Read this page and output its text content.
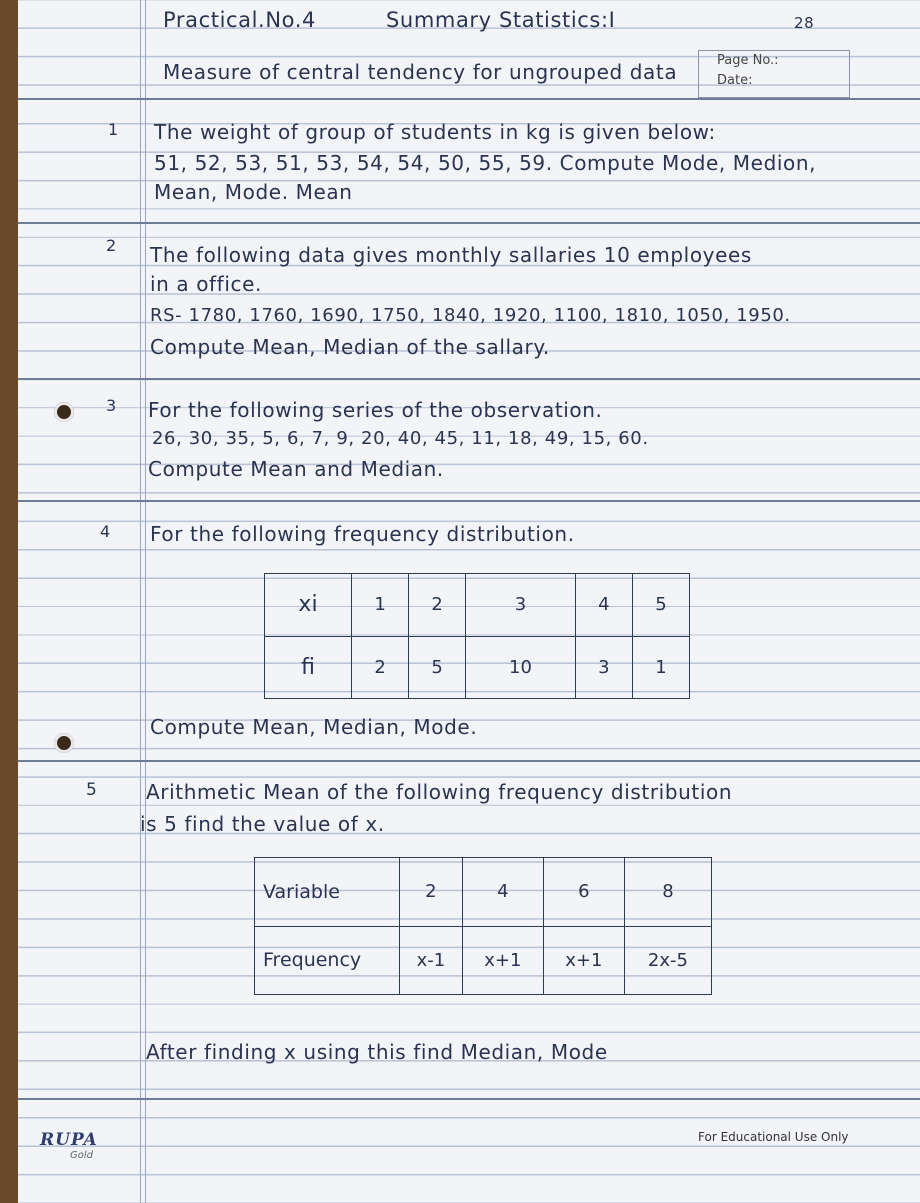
Practical.No.4	Summary Statistics:I	28
Page No.:
Date:
Measure of central tendency for ungrouped data
1 The weight of group of students in kg is given below:
51, 52, 53, 51, 53, 54, 54, 50, 55, 59. Compute Mode, Medion,
Mean, Mode. Mean
2 The following data gives monthly sallaries 10 employees
in a office.
RS- 1780, 1760, 1690, 1750, 1840, 1920, 1100, 1810, 1050, 1950.
Compute Mean, Median of the sallary.
3 For the following series of the observation.
26, 30, 35, 5, 6, 7, 9, 20, 40, 45, 11, 18, 49, 15, 60.
Compute Mean and Median.
4 For the following frequency distribution.
xi	1	2	3	4	5
fi	2	5	10	3	1
Compute Mean, Median, Mode.
5 Arithmetic Mean of the following frequency distribution
is 5 find the value of x.
Variable	2	4	6	8
Frequency	x-1	x+1	x+1	2x-5
After finding x using this find Median, Mode
RUPA
Gold
For Educational Use Only
